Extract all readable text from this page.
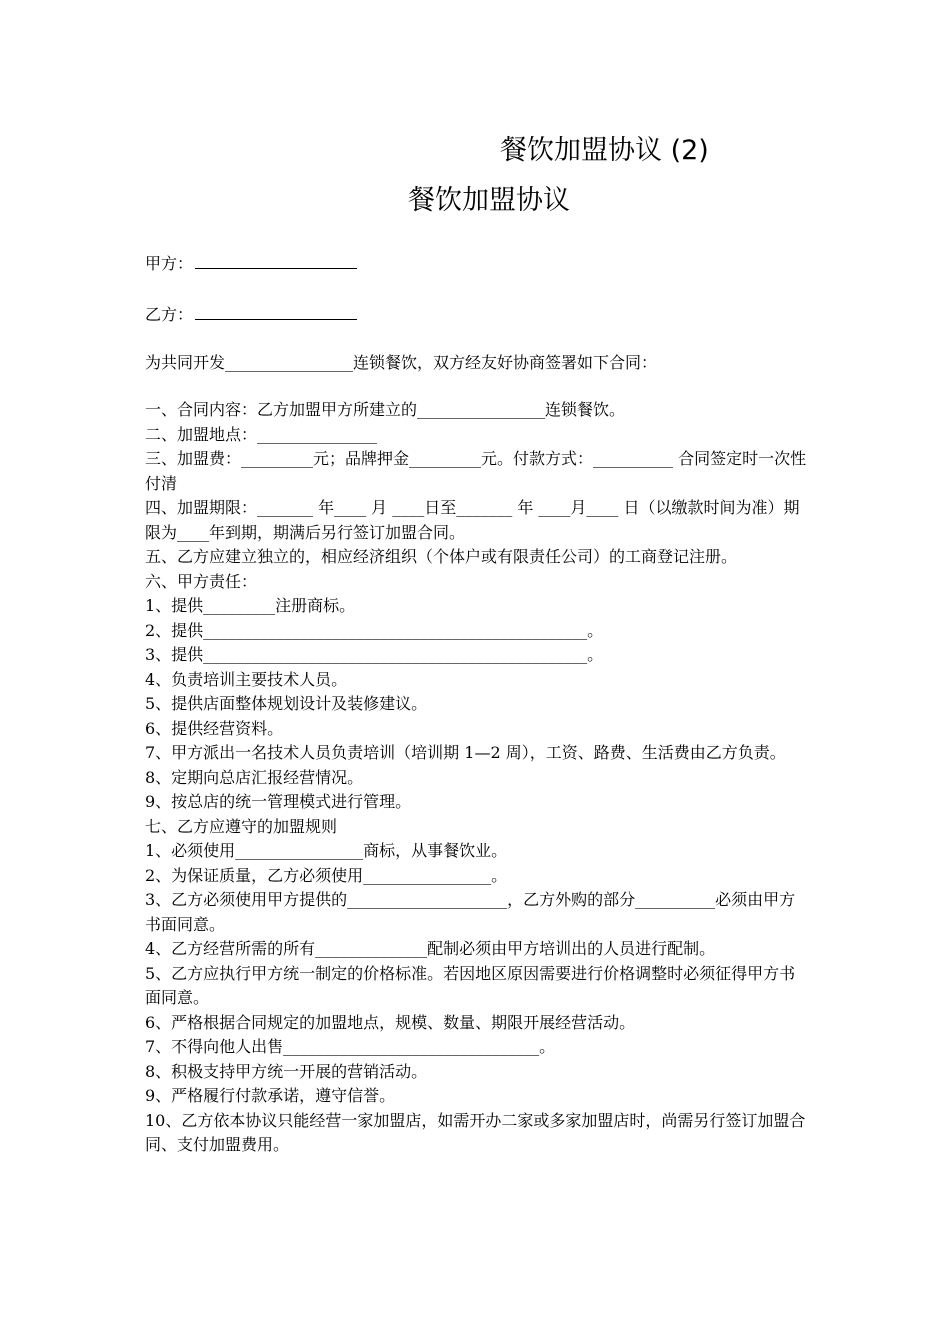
餐饮加盟协议 (2)
餐饮加盟协议
甲方：
乙方：
为共同开发________________连锁餐饮，双方经友好协商签署如下合同：
一、合同内容：乙方加盟甲方所建立的________________连锁餐饮。
二、加盟地点：_______________
三、加盟费：_________元；品牌押金_________元。付款方式：__________ 合同签定时一次性付清
四、加盟期限：_______ 年____ 月 ____日至_______ 年 ____月____ 日（以缴款时间为准）期限为____年到期，期满后另行签订加盟合同。
五、乙方应建立独立的，相应经济组织（个体户或有限责任公司）的工商登记注册。
六、甲方责任：
1、提供_________注册商标。
2、提供________________________________________________。
3、提供________________________________________________。
4、负责培训主要技术人员。
5、提供店面整体规划设计及装修建议。
6、提供经营资料。
7、甲方派出一名技术人员负责培训（培训期 1—2 周），工资、路费、生活费由乙方负责。
8、定期向总店汇报经营情况。
9、按总店的统一管理模式进行管理。
七、乙方应遵守的加盟规则
1、必须使用________________商标，从事餐饮业。
2、为保证质量，乙方必须使用________________。
3、乙方必须使用甲方提供的____________________，乙方外购的部分__________必须由甲方书面同意。
4、乙方经营所需的所有______________配制必须由甲方培训出的人员进行配制。
5、乙方应执行甲方统一制定的价格标准。若因地区原因需要进行价格调整时必须征得甲方书面同意。
6、严格根据合同规定的加盟地点，规模、数量、期限开展经营活动。
7、不得向他人出售________________________________。
8、积极支持甲方统一开展的营销活动。
9、严格履行付款承诺，遵守信誉。
10、乙方依本协议只能经营一家加盟店，如需开办二家或多家加盟店时，尚需另行签订加盟合同、支付加盟费用。
